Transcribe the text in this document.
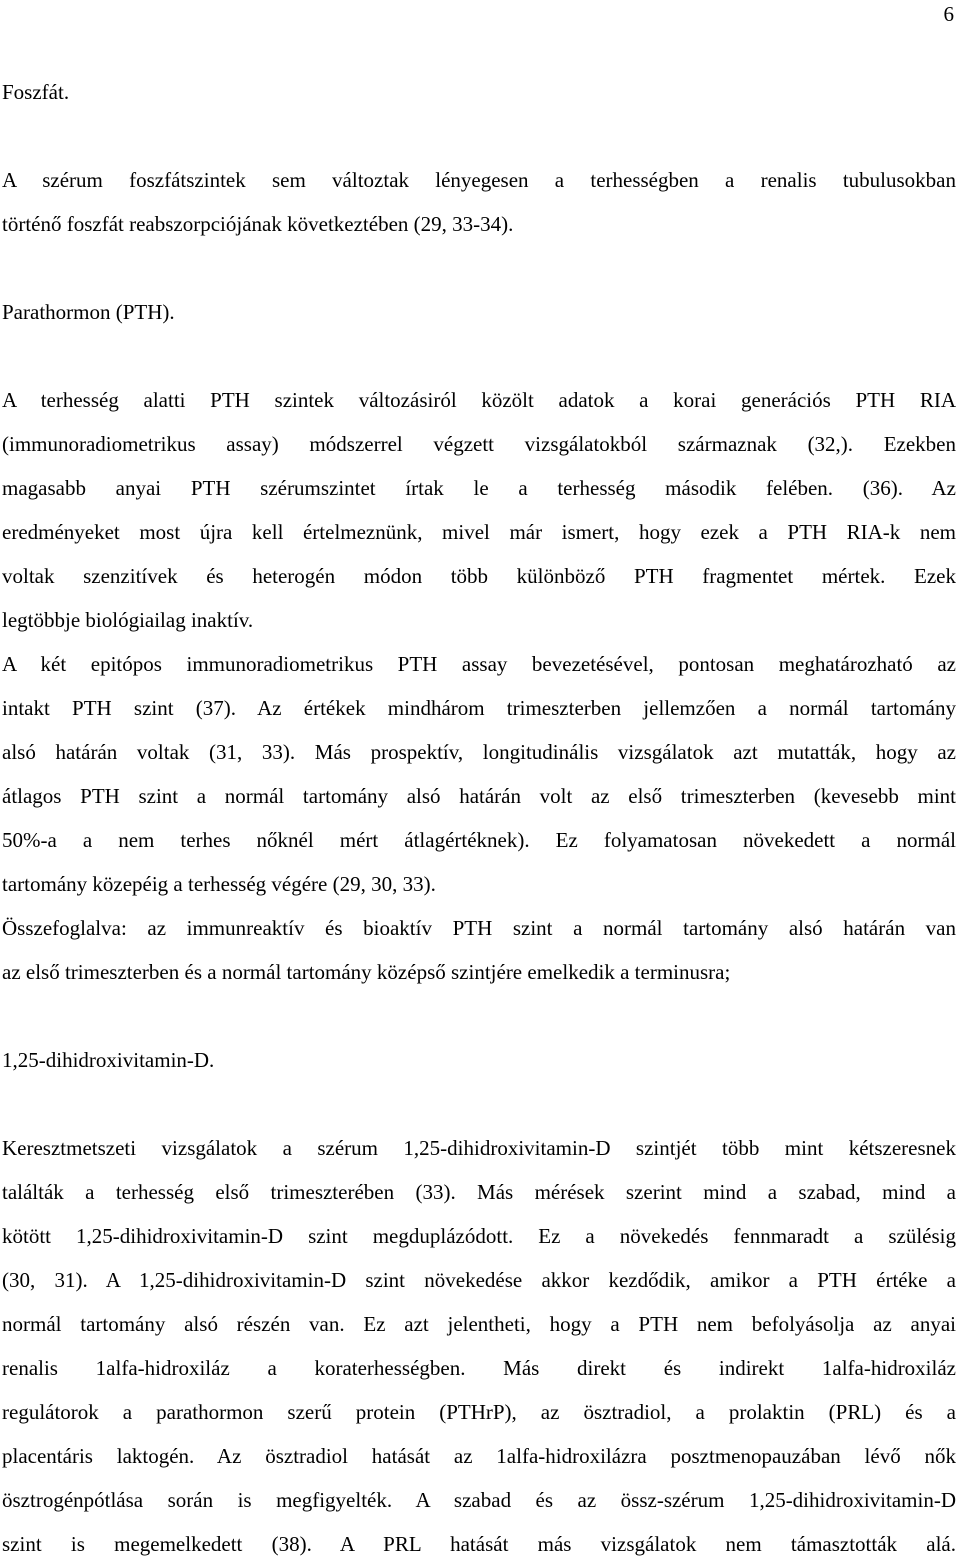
6
Foszfát.
A szérum foszfátszintek sem változtak lényegesen a terhességben a renalis tubulusokban
történő foszfát reabszorpciójának következtében (29, 33-34).
Parathormon (PTH).
A terhesség alatti PTH szintek változásiról közölt adatok a korai generációs PTH RIA
(immunoradiometrikus assay) módszerrel végzett vizsgálatokból származnak (32,). Ezekben
magasabb anyai PTH szérumszintet írtak le a terhesség második felében. (36). Az
eredményeket most újra kell értelmeznünk, mivel már ismert, hogy ezek a PTH RIA-k nem
voltak szenzitívek és heterogén módon több különböző PTH fragmentet mértek. Ezek
legtöbbje biológiailag inaktív.
A két epitópos immunoradiometrikus PTH assay bevezetésével, pontosan meghatározható az
intakt PTH szint (37). Az értékek mindhárom trimeszterben jellemzően a normál tartomány
alsó határán voltak (31, 33). Más prospektív, longitudinális vizsgálatok azt mutatták, hogy az
átlagos PTH szint a normál tartomány alsó határán volt az első trimeszterben (kevesebb mint
50%-a a nem terhes nőknél mért átlagértéknek). Ez folyamatosan növekedett a normál
tartomány közepéig a terhesség végére (29, 30, 33).
Összefoglalva: az immunreaktív és bioaktív PTH szint a normál tartomány alsó határán van
az első trimeszterben és a normál tartomány középső szintjére emelkedik a terminusra;
1,25-dihidroxivitamin-D.
Keresztmetszeti vizsgálatok a szérum 1,25-dihidroxivitamin-D szintjét több mint kétszeresnek
találták a terhesség első trimeszterében (33). Más mérések szerint mind a szabad, mind a
kötött 1,25-dihidroxivitamin-D szint megduplázódott. Ez a növekedés fennmaradt a szülésig
(30, 31). A 1,25-dihidroxivitamin-D szint növekedése akkor kezdődik, amikor a PTH értéke a
normál tartomány alsó részén van. Ez azt jelentheti, hogy a PTH nem befolyásolja az anyai
renalis 1alfa-hidroxiláz a koraterhességben. Más direkt és indirekt 1alfa-hidroxiláz
regulátorok a parathormon szerű protein (PTHrP), az ösztradiol, a prolaktin (PRL) és a
placentáris laktogén. Az ösztradiol hatását az 1alfa-hidroxilázra posztmenopauzában lévő nők
ösztrogénpótlása során is megfigyelték. A szabad és az össz-szérum 1,25-dihidroxivitamin-D
szint is megemelkedett (38). A PRL hatását más vizsgálatok nem támasztották alá.
